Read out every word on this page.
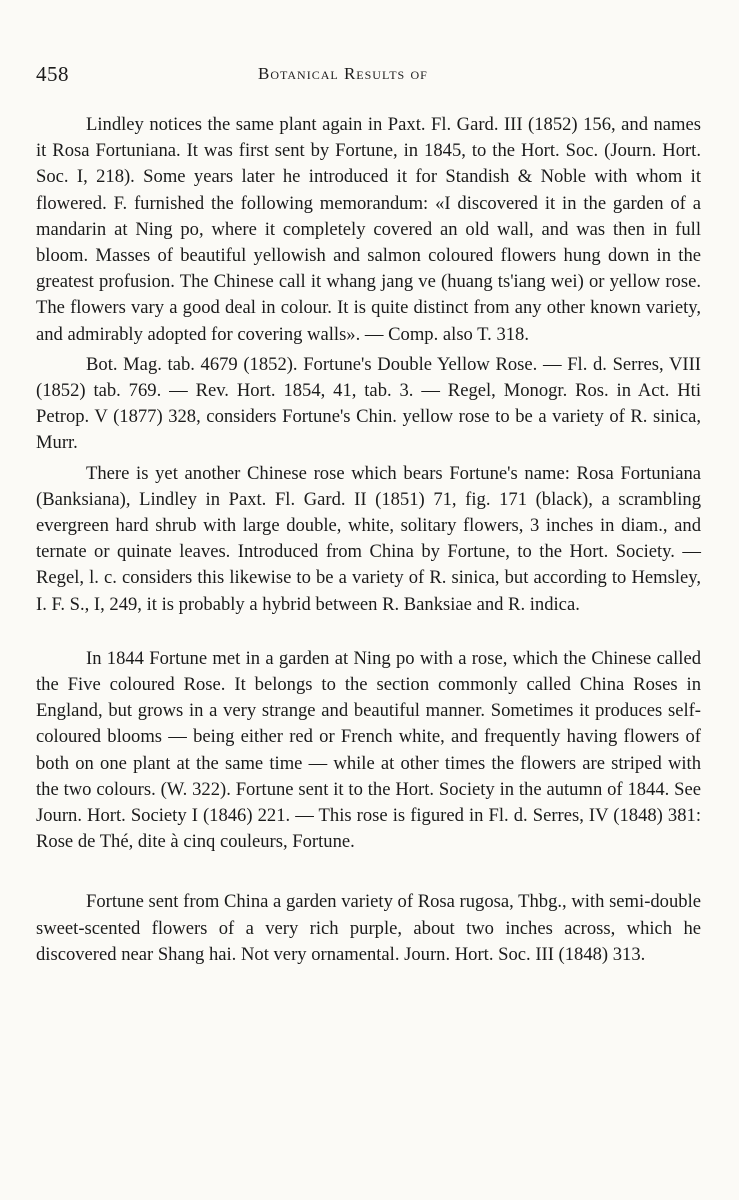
458	Botanical Results of

Lindley notices the same plant again in Paxt. Fl. Gard. III (1852) 156, and names it Rosa Fortuniana. It was first sent by Fortune, in 1845, to the Hort. Soc. (Journ. Hort. Soc. I, 218). Some years later he introduced it for Standish & Noble with whom it flowered. F. furnished the following memorandum: «I discovered it in the garden of a mandarin at Ning po, where it completely covered an old wall, and was then in full bloom. Masses of beautiful yellowish and salmon coloured flowers hung down in the greatest profusion. The Chinese call it whang jang ve (huang ts'iang wei) or yellow rose. The flowers vary a good deal in colour. It is quite distinct from any other known variety, and admirably adopted for covering walls». — Comp. also T. 318.

Bot. Mag. tab. 4679 (1852). Fortune's Double Yellow Rose. — Fl. d. Serres, VIII (1852) tab. 769. — Rev. Hort. 1854, 41, tab. 3. — Regel, Monogr. Ros. in Act. Hti Petrop. V (1877) 328, considers Fortune's Chin. yellow rose to be a variety of R. sinica, Murr.

There is yet another Chinese rose which bears Fortune's name: Rosa Fortuniana (Banksiana), Lindley in Paxt. Fl. Gard. II (1851) 71, fig. 171 (black), a scrambling evergreen hard shrub with large double, white, solitary flowers, 3 inches in diam., and ternate or quinate leaves. Introduced from China by Fortune, to the Hort. Society. — Regel, l. c. considers this likewise to be a variety of R. sinica, but according to Hemsley, I. F. S., I, 249, it is probably a hybrid between R. Banksiae and R. indica.

In 1844 Fortune met in a garden at Ning po with a rose, which the Chinese called the Five coloured Rose. It belongs to the section commonly called China Roses in England, but grows in a very strange and beautiful manner. Sometimes it produces self-coloured blooms — being either red or French white, and frequently having flowers of both on one plant at the same time — while at other times the flowers are striped with the two colours. (W. 322). Fortune sent it to the Hort. Society in the autumn of 1844. See Journ. Hort. Society I (1846) 221. — This rose is figured in Fl. d. Serres, IV (1848) 381: Rose de Thé, dite à cinq couleurs, Fortune.

Fortune sent from China a garden variety of Rosa rugosa, Thbg., with semi-double sweet-scented flowers of a very rich purple, about two inches across, which he discovered near Shang hai. Not very ornamental. Journ. Hort. Soc. III (1848) 313.
